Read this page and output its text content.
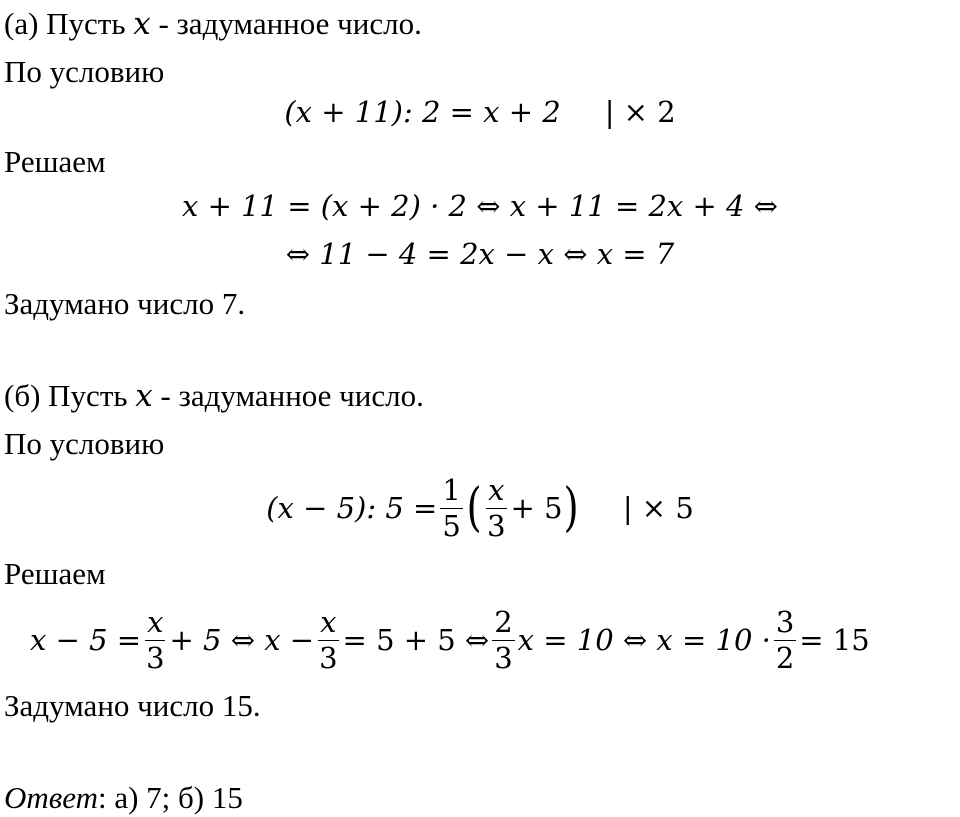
(а) Пусть x - задуманное число.
По условию
(x + 11): 2 = x + 2 | × 2
Решаем
x + 11 = (x + 2) · 2 ⇔ x + 11 = 2x + 4 ⇔
⇔ 11 − 4 = 2x − x ⇔ x = 7
Задумано число 7.
(б) Пусть x - задуманное число.
По условию
(x − 5): $5 = \frac{1}{5}$ ( $\frac{x}{3} + 5$ ) | × 5
Решаем
$x - 5 = \frac{x}{3} + 5$ ⇔ $x - \frac{x}{3} = 5 + 5$ ⇔ $\frac{2}{3}$ x = 10 ⇔ $x = 10 \cdot \frac{3}{2} = 15$
Задумано число 15.
Ответ: а) 7; б) 15
